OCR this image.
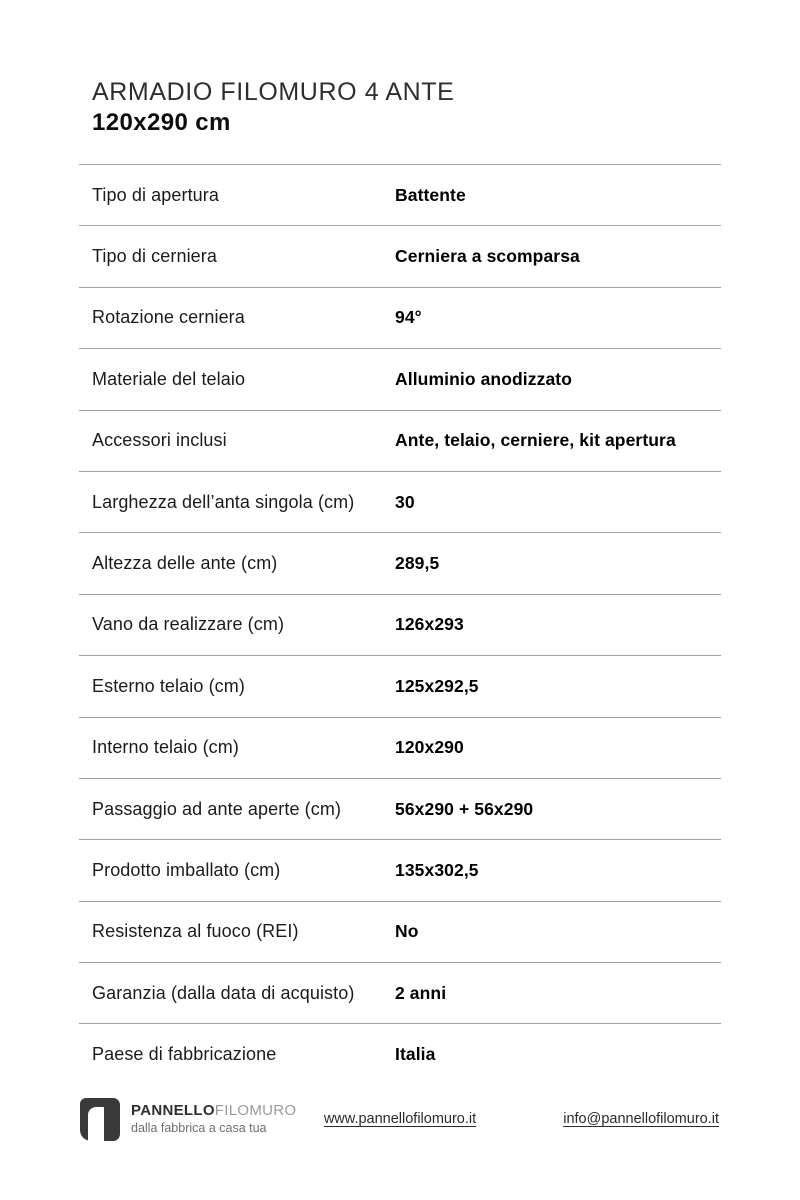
ARMADIO FILOMURO 4 ANTE
120x290 cm
Tipo di apertura	Battente
Tipo di cerniera	Cerniera a scomparsa
Rotazione cerniera	94°
Materiale del telaio	Alluminio anodizzato
Accessori inclusi	Ante, telaio, cerniere, kit apertura
Larghezza dell’anta singola (cm)	30
Altezza delle ante (cm)	289,5
Vano da realizzare (cm)	126x293
Esterno telaio (cm)	125x292,5
Interno telaio (cm)	120x290
Passaggio ad ante aperte (cm)	56x290 + 56x290
Prodotto imballato (cm)	135x302,5
Resistenza al fuoco (REI)	No
Garanzia (dalla data di acquisto)	2 anni
Paese di fabbricazione	Italia
PANNELLOFILOMURO
dalla fabbrica a casa tua
www.pannellofilomuro.it	info@pannellofilomuro.it
